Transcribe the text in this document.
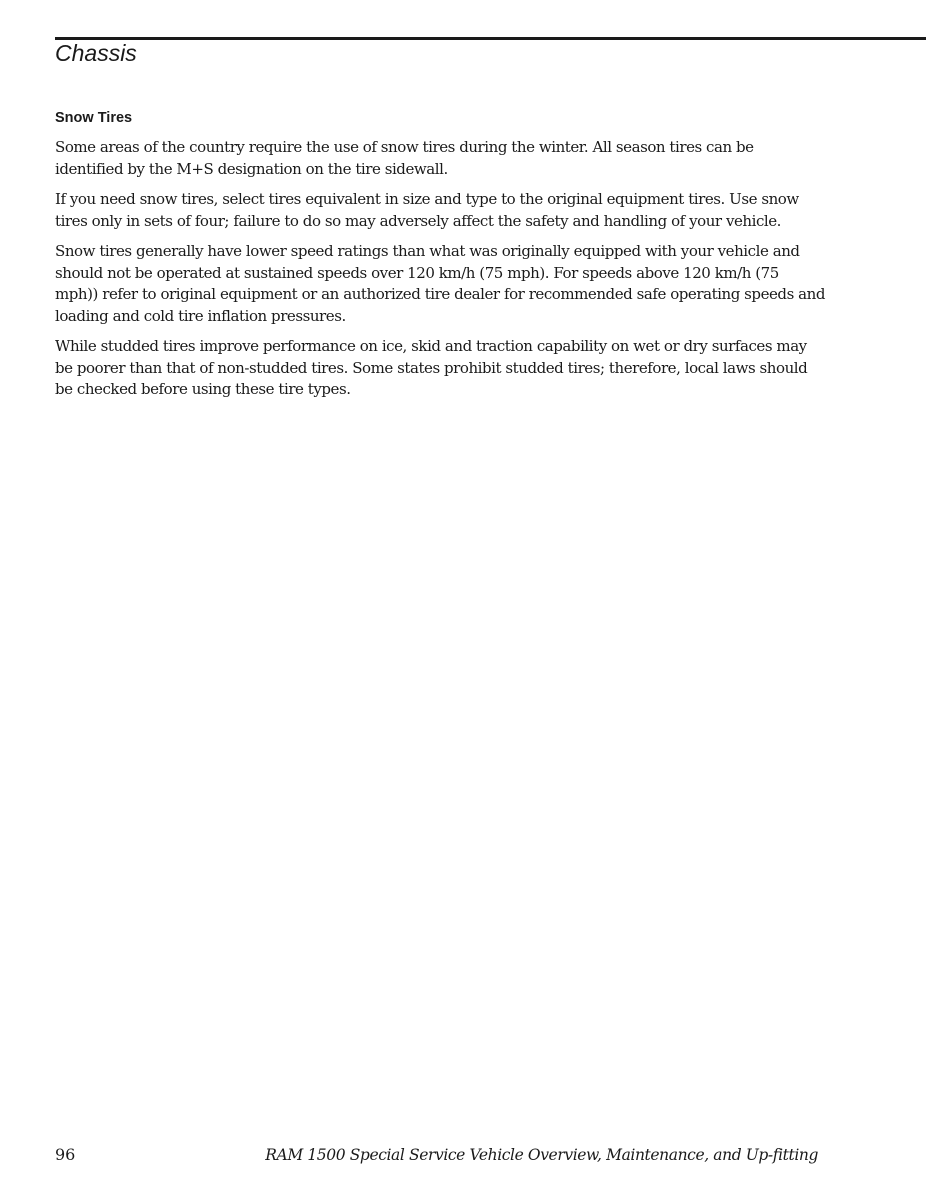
Chassis
Snow Tires

Some areas of the country require the use of snow tires during the winter. All season tires can be identified by the M+S designation on the tire sidewall.

If you need snow tires, select tires equivalent in size and type to the original equipment tires. Use snow tires only in sets of four; failure to do so may adversely affect the safety and handling of your vehicle.

Snow tires generally have lower speed ratings than what was originally equipped with your vehicle and should not be operated at sustained speeds over 120 km/h (75 mph). For speeds above 120 km/h (75 mph)) refer to original equipment or an authorized tire dealer for recommended safe operating speeds and loading and cold tire inflation pressures.

While studded tires improve performance on ice, skid and traction capability on wet or dry surfaces may be poorer than that of non-studded tires. Some states prohibit studded tires; therefore, local laws should be checked before using these tire types.

96	RAM 1500 Special Service Vehicle Overview, Maintenance, and Up-fitting
